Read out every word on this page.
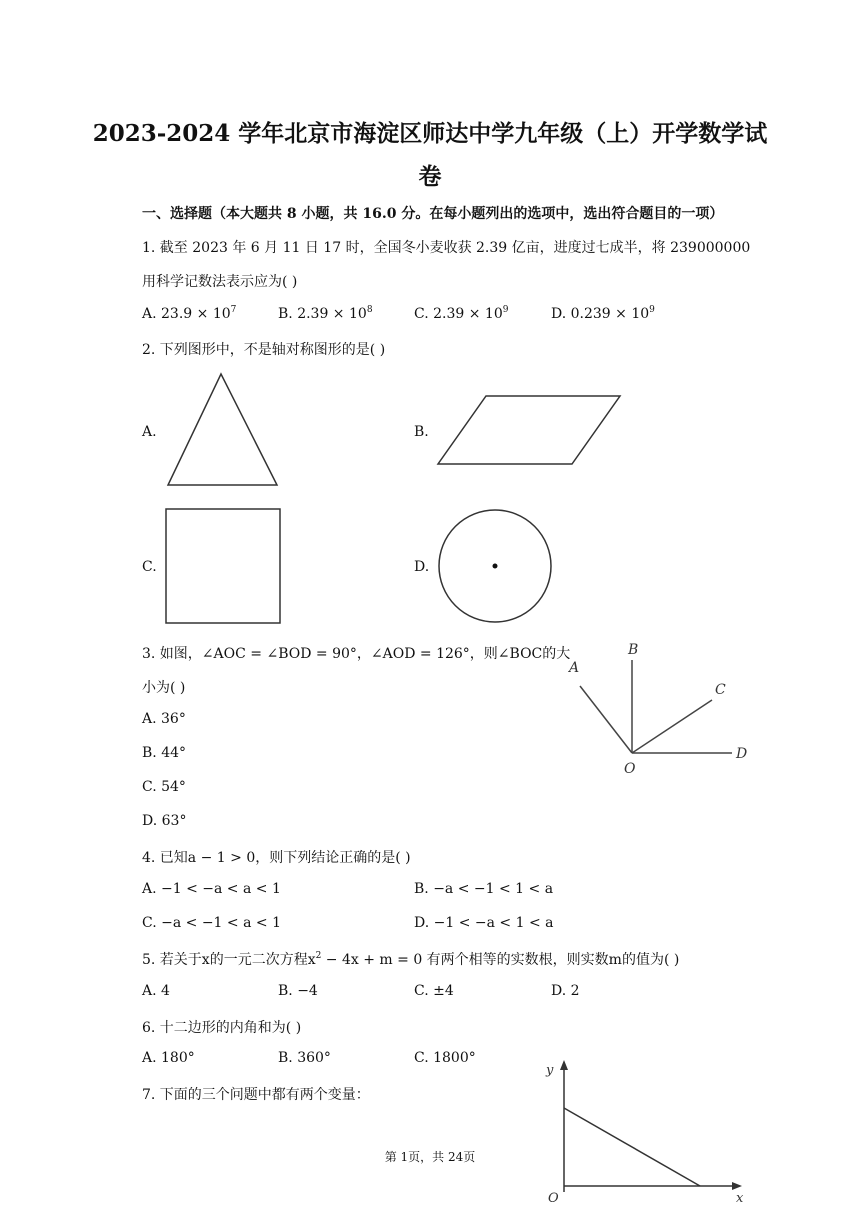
2023-2024 学年北京市海淀区师达中学九年级（上）开学数学试
卷
一、选择题（本大题共 8 小题，共 16.0 分。在每小题列出的选项中，选出符合题目的一项）
1. 截至 2023 年 6 月 11 日 17 时，全国冬小麦收获 2.39 亿亩，进度过七成半，将 239000000
用科学记数法表示应为( )
A. $23.9 \times 10^7$	B. $2.39 \times 10^8$	C. $2.39 \times 10^9$	D. $0.239 \times 10^9$
2. 下列图形中，不是轴对称图形的是( )
A.	B.
C.	D.
3. 如图，∠AOC = ∠BOD = 90°，∠AOD = 126°，则∠BOC的大
小为( )
A. 36°
B. 44°
C. 54°
D. 63°
A
B
C
D
O
4. 已知a − 1 > 0，则下列结论正确的是( )
A. −1 < −a < a < 1	B. −a < −1 < 1 < a
C. −a < −1 < a < 1	D. −1 < −a < 1 < a
5. 若关于x的一元二次方程$x^2 - 4x + m = 0$ 有两个相等的实数根，则实数m的值为( )
A. 4	B. −4	C. ±4	D. 2
6. 十二边形的内角和为( )
A. 180°	B. 360°	C. 1800°
7. 下面的三个问题中都有两个变量：
y
x
O
第 1页，共 24页
